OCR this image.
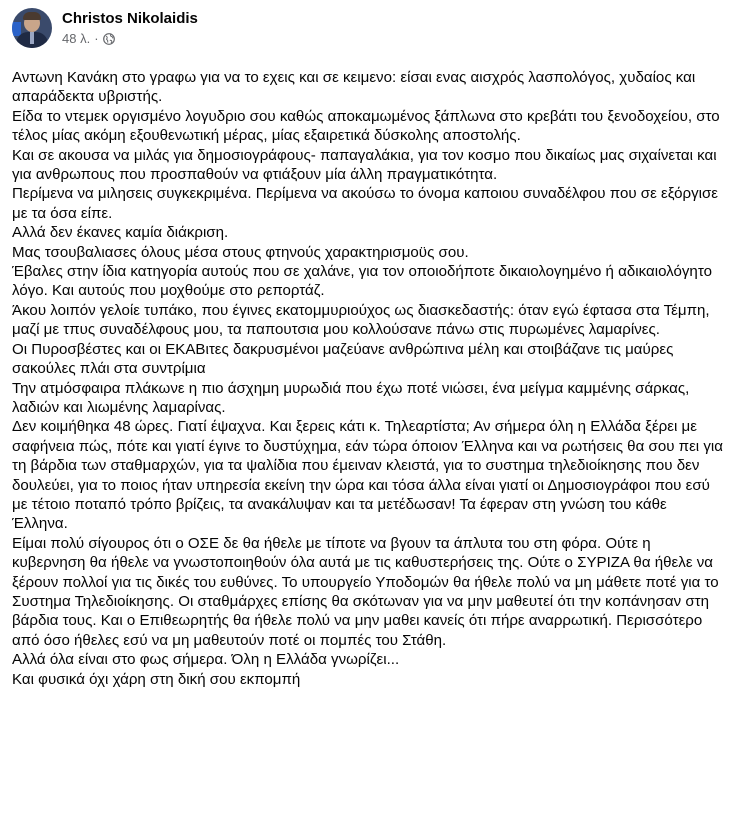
Christos Nikolaidis
48 λ. ·

Αντωνη Κανάκη στο γραφω για να το εχεις και σε κειμενο: είσαι ενας αισχρός λασπολόγος, χυδαίος και απαράδεκτα υβριστής.

Είδα το ντεμεκ οργισμένο λογυδριο σου καθώς αποκαμωμένος ξάπλωνα στο κρεβάτι του ξενοδοχείου, στο τέλος μίας ακόμη εξουθενωτική μέρας, μίας εξαιρετικά δύσκολης αποστολής.

Και σε ακουσα να μιλάς για δημοσιογράφους- παπαγαλάκια, για τον κοσμο που δικαίως μας σιχαίνεται και για ανθρωπους που προσπαθούν να φτιάξουν μία άλλη πραγματικότητα.

Περίμενα να μιλησεις συγκεκριμένα. Περίμενα να ακούσω το όνομα καποιου συναδέλφου που σε εξόργισε με τα όσα είπε.

Αλλά δεν έκανες καμία διάκριση.

Μας τσουβαλιασες όλους μέσα στους φτηνούς χαρακτηρισμοϋς σου.

Έβαλες στην ίδια κατηγορία αυτούς που σε χαλάνε, για τον οποιοδήποτε δικαιολογημένο ή αδικαιολόγητο λόγο. Και αυτούς που μοχθούμε στο ρεπορτάζ.

Άκου λοιπόν γελοίε τυπάκο, που έγινες εκατομμυριούχος ως διασκεδαστής: όταν εγώ έφτασα στα Τέμπη, μαζί με τπυς συναδέλφους μου, τα παπουτσια μου κολλούσανε πάνω στις πυρωμένες λαμαρίνες.

Οι Πυροσβέστες και οι ΕΚΑΒιτες δακρυσμένοι μαζεύανε ανθρώπινα μέλη και στοιβάζανε τις μαύρες σακούλες πλάι στα συντρίμια

Την ατμόσφαιρα πλάκωνε η πιο άσχημη μυρωδιά που έχω ποτέ νιώσει, ένα μείγμα καμμένης σάρκας, λαδιών και λιωμένης λαμαρίνας.

Δεν κοιμήθηκα 48 ώρες. Γιατί έψαχνα. Και ξερεις κάτι κ. Τηλεαρτίστα; Αν σήμερα όλη η Ελλάδα ξέρει με σαφήνεια πώς, πότε και γιατί έγινε το δυστύχημα, εάν τώρα όποιον Έλληνα και να ρωτήσεις θα σου πει για τη βάρδια των σταθμαρχών, για τα ψαλίδια που έμειναν κλειστά, για το συστημα τηλεδιοίκησης που δεν δουλεύει, για το ποιος ήταν υπηρεσία εκείνη την ώρα και τόσα άλλα είναι γιατί οι Δημοσιογράφοι που εσύ με τέτοιο ποταπό τρόπο βρίζεις, τα ανακάλυψαν και τα μετέδωσαν! Τα έφεραν στη γνώση του κάθε Έλληνα.

Είμαι πολύ σίγουρος ότι ο ΟΣΕ δε θα ήθελε με τίποτε να βγουν τα άπλυτα του στη φόρα. Ούτε η κυβερνηση θα ήθελε να γνωστοποιηθούν όλα αυτά με τις καθυστερήσεις της. Ούτε ο ΣΥΡΙΖΑ θα ήθελε να ξέρουν πολλοί για τις δικές του ευθύνες. Το υπουργείο Υποδομών θα ήθελε πολύ να μη μάθετε ποτέ για το Συστημα Τηλεδιοίκησης. Οι σταθμάρχες επίσης θα σκότωναν για να μην μαθευτεί ότι την κοπάνησαν στη βάρδια τους. Και ο Επιθεωρητής θα ήθελε πολύ να μην μαθει κανείς ότι πήρε αναρρωτική. Περισσότερο από όσο ήθελες εσύ να μη μαθευτούν ποτέ οι πομπές του Στάθη.

Αλλά όλα είναι στο φως σήμερα. Όλη η Ελλάδα γνωρίζει...

Και φυσικά όχι χάρη στη δική σου εκπομπή
